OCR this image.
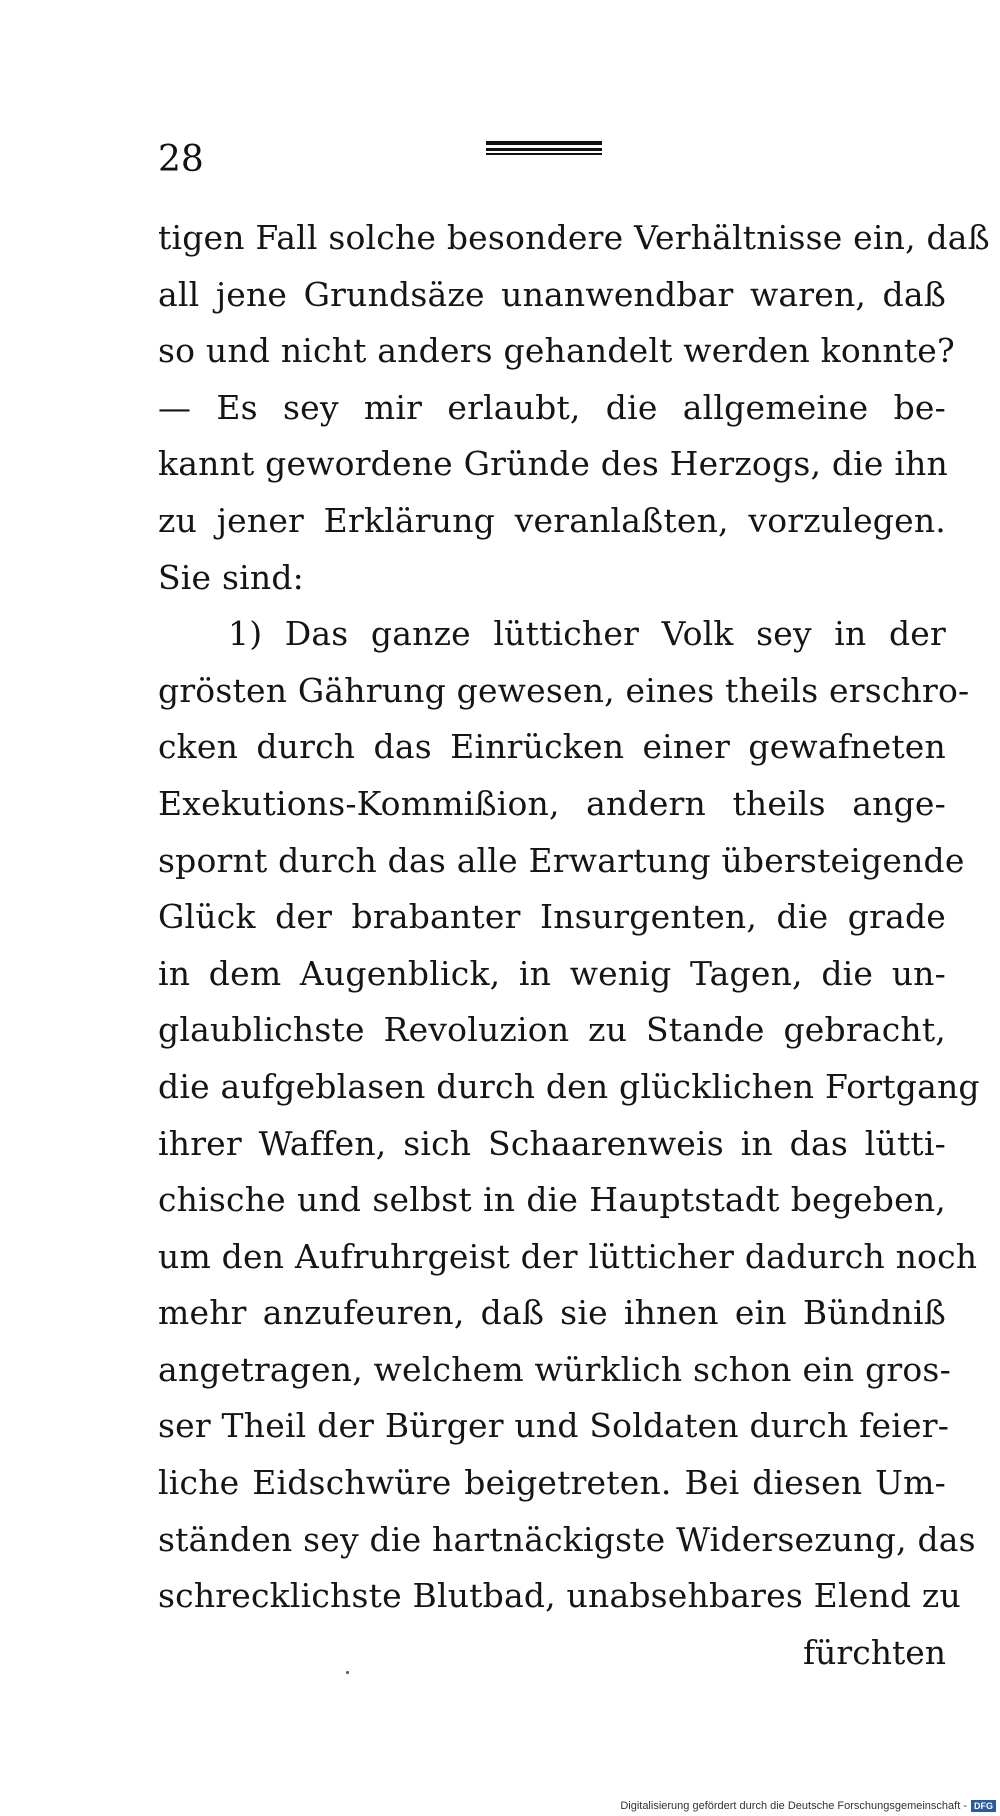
28
tigen Fall solche besondere Verhältnisse ein, daß
all jene Grundsäze unanwendbar waren, daß
so und nicht anders gehandelt werden konnte?
— Es sey mir erlaubt, die allgemeine be-
kannt gewordene Gründe des Herzogs, die ihn
zu jener Erklärung veranlaßten, vorzulegen.
Sie sind:
1) Das ganze lütticher Volk sey in der
grösten Gährung gewesen, eines theils erschro-
cken durch das Einrücken einer gewafneten
Exekutions-Kommißion, andern theils ange-
spornt durch das alle Erwartung übersteigende
Glück der brabanter Insurgenten, die grade
in dem Augenblick, in wenig Tagen, die un-
glaublichste Revoluzion zu Stande gebracht,
die aufgeblasen durch den glücklichen Fortgang
ihrer Waffen, sich Schaarenweis in das lütti-
chische und selbst in die Hauptstadt begeben,
um den Aufruhrgeist der lütticher dadurch noch
mehr anzufeuren, daß sie ihnen ein Bündniß
angetragen, welchem würklich schon ein gros-
ser Theil der Bürger und Soldaten durch feier-
liche Eidschwüre beigetreten. Bei diesen Um-
ständen sey die hartnäckigste Widersezung, das
schrecklichste Blutbad, unabsehbares Elend zu
fürchten
Digitalisierung gefördert durch die Deutsche Forschungsgemeinschaft - DFG
